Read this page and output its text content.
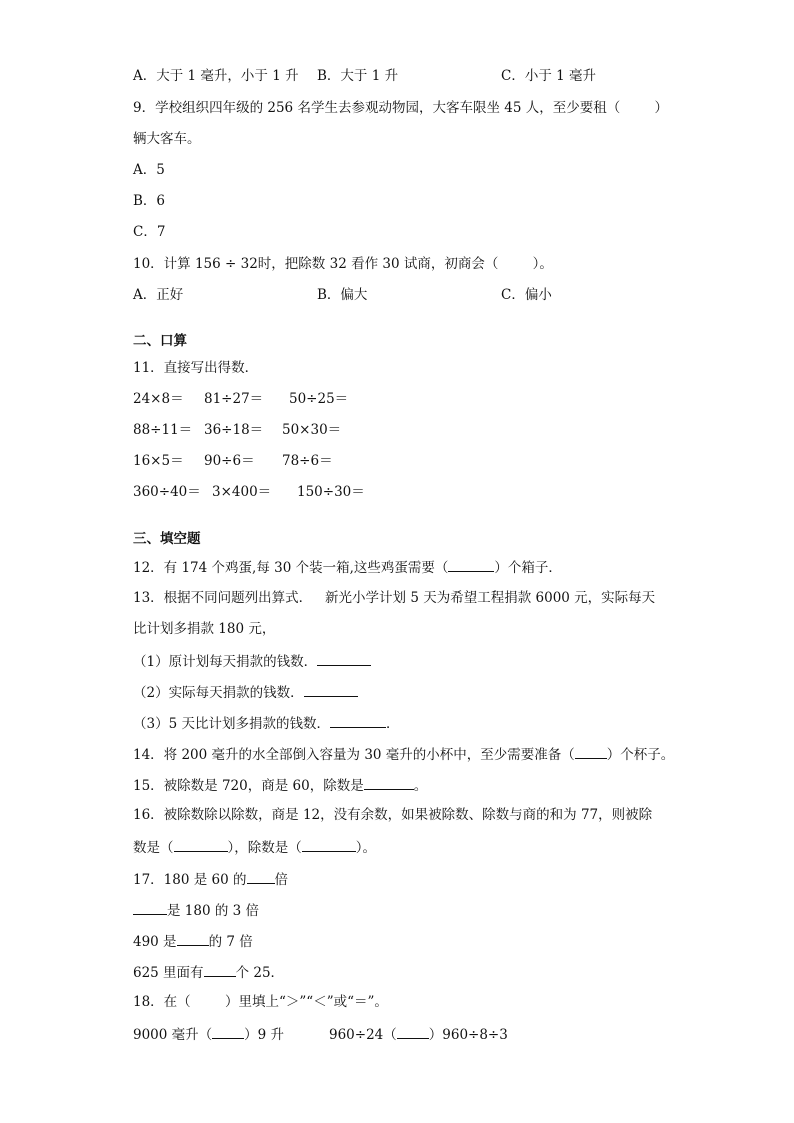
A．大于 1 毫升，小于 1 升 B．大于 1 升	C．小于 1 毫升
9．学校组织四年级的 256 名学生去参观动物园，大客车限坐 45 人，至少要租（        ）
辆大客车。
A．5
B．6
C．7
10．计算 156 ÷ 32时，把除数 32 看作 30 试商，初商会（        ）。
A．正好	B．偏大	C．偏小
二、口算
11．直接写出得数．
24×8＝ 81÷27＝ 50÷25＝
88÷11＝ 36÷18＝ 50×30＝
16×5＝ 90÷6＝ 78÷6＝
360÷40＝ 3×400＝ 150÷30＝
三、填空题
12．有 174 个鸡蛋,每 30 个装一箱,这些鸡蛋需要（	）个箱子．
13．根据不同问题列出算式．   新光小学计划 5 天为希望工程捐款 6000 元，实际每天
比计划多捐款 180 元，
（1）原计划每天捐款的钱数．
（2）实际每天捐款的钱数．
（3）5 天比计划多捐款的钱数．	．
14．将 200 毫升的水全部倒入容量为 30 毫升的小杯中，至少需要准备（ ）个杯子。
15．被除数是 720，商是 60，除数是	。
16．被除数除以除数，商是 12，没有余数，如果被除数、除数与商的和为 77，则被除
数是（	），除数是（	）。
17．180 是 60 的 倍
是 180 的 3 倍
490 是 的 7 倍
625 里面有 个 25．
18．在（        ）里填上“＞”“＜”或“＝”。
9000 毫升（ ）9 升	960÷24（ ）960÷8÷3
